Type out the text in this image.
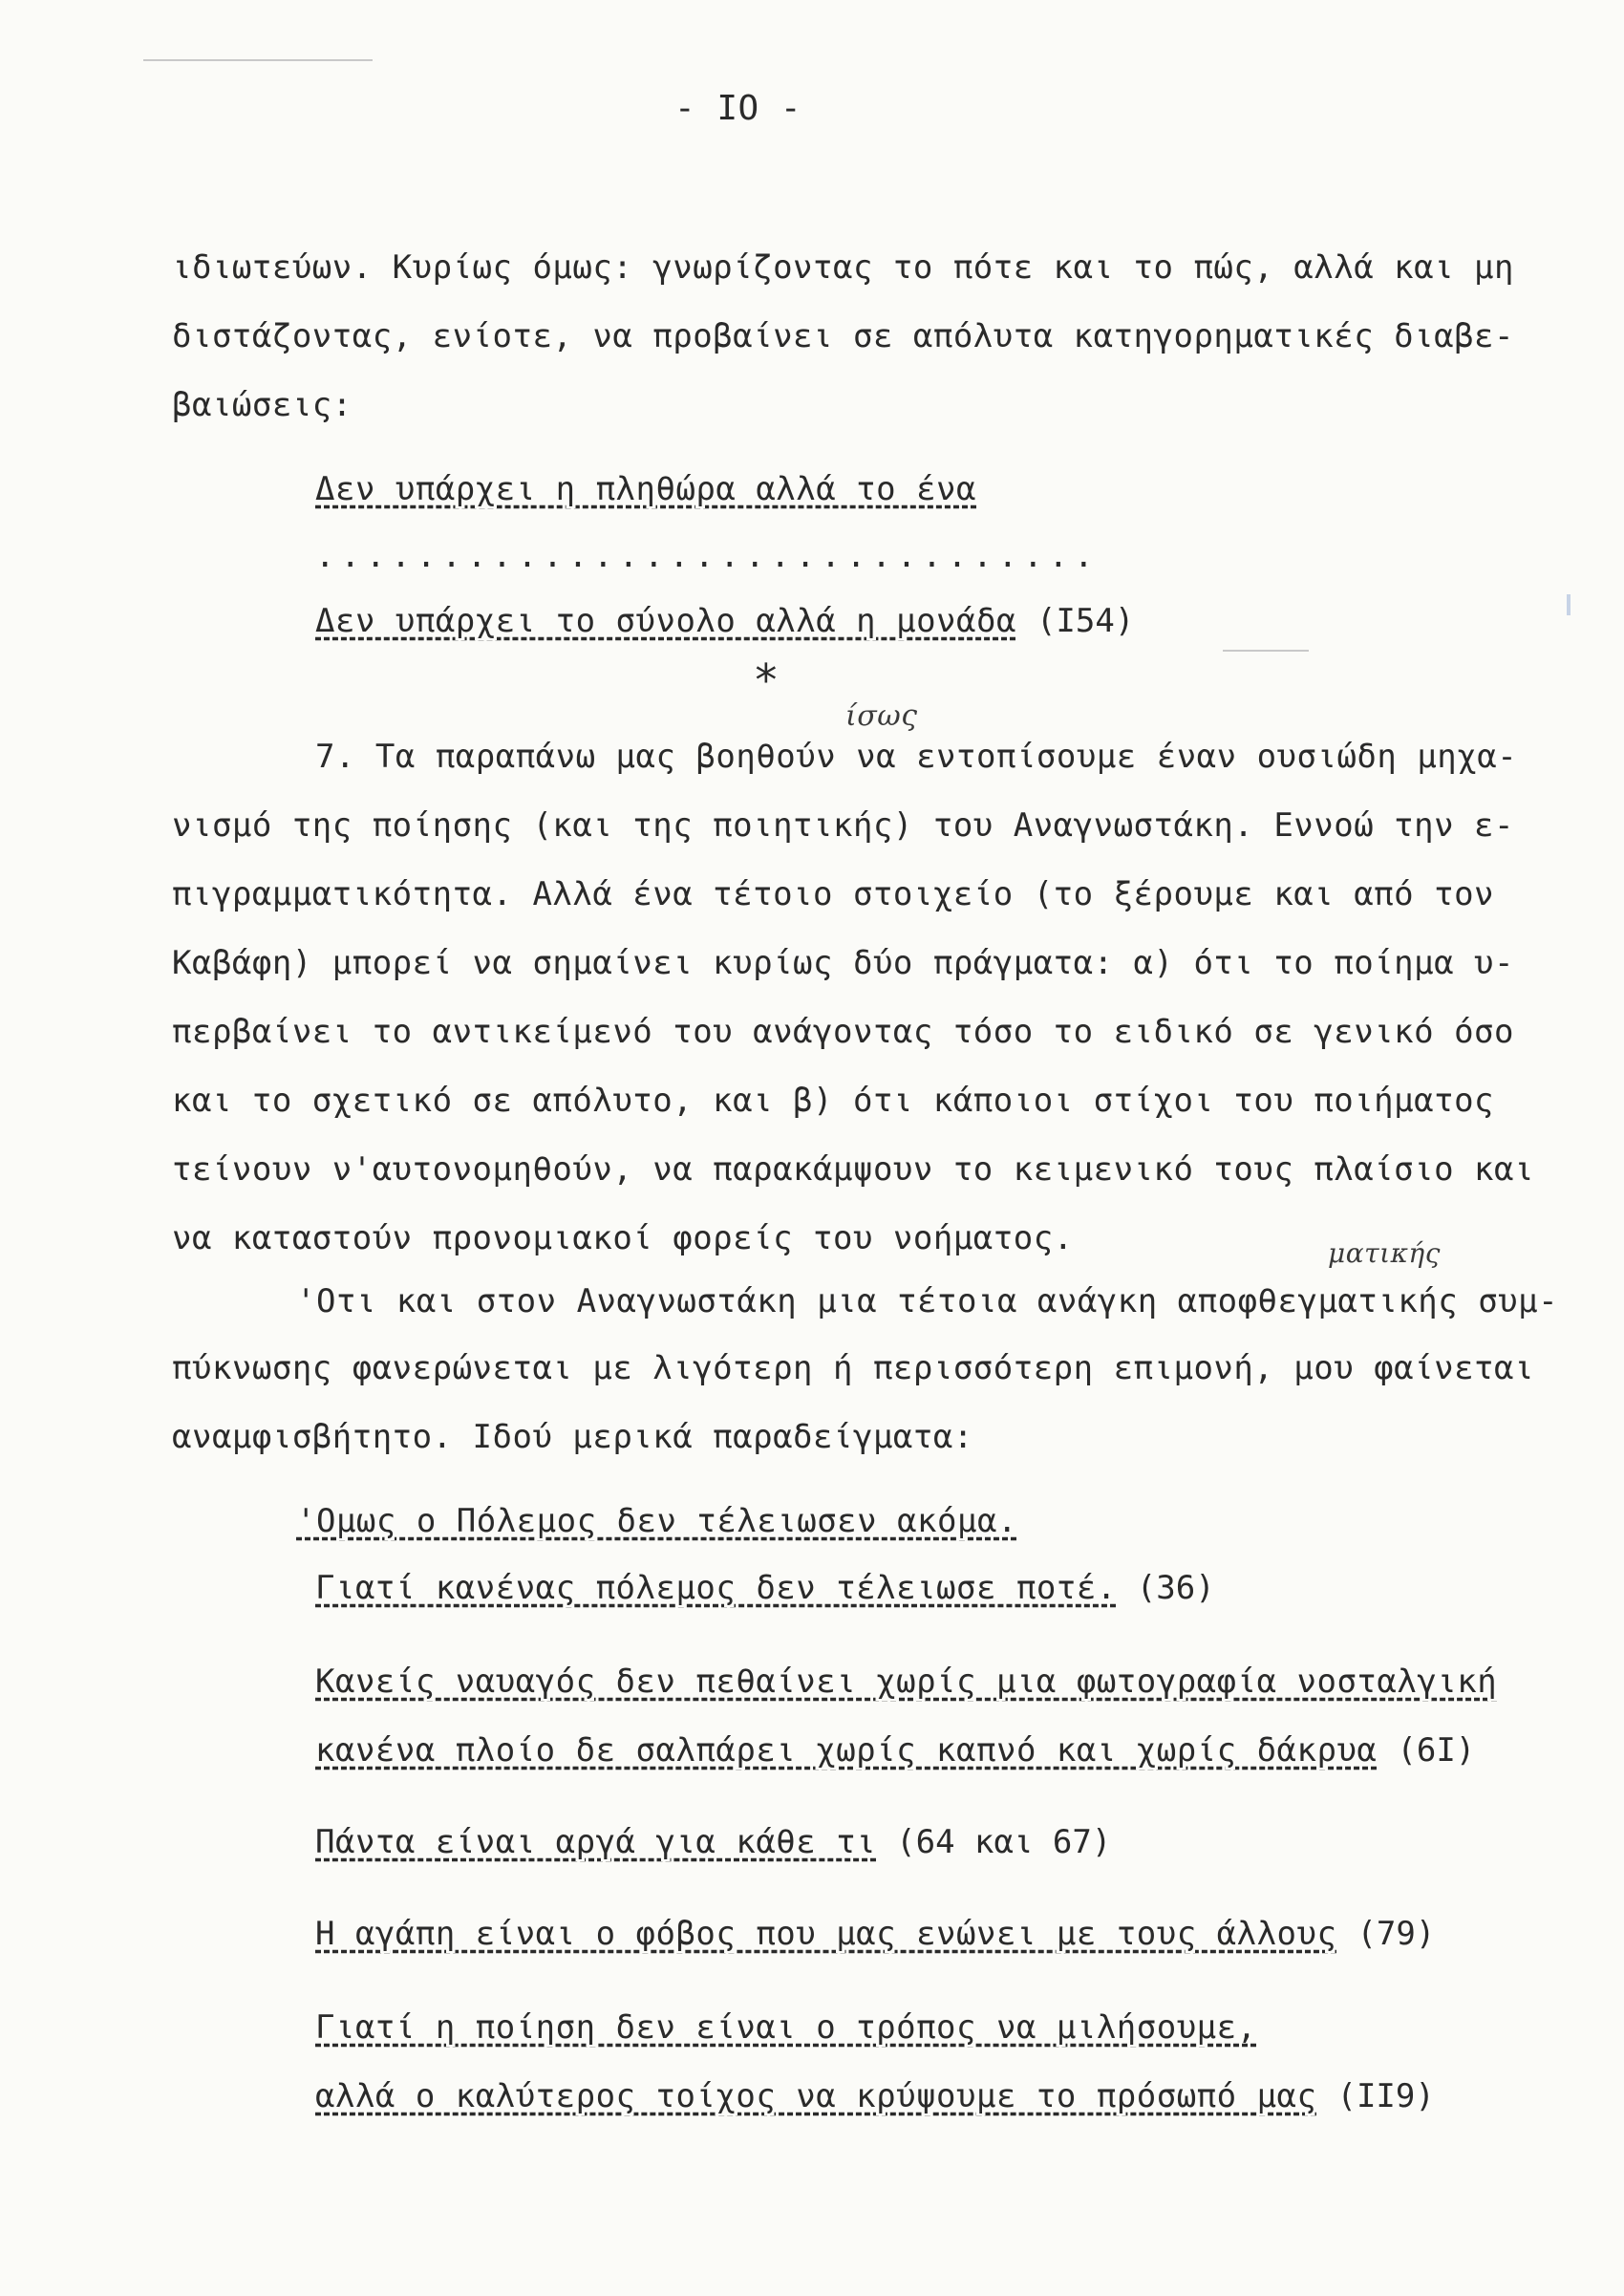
- IO -
ιδιωτεύων. Κυρίως όμως: γνωρίζοντας το πότε και το πώς, αλλά και μη
διστάζοντας, ενίοτε, να προβαίνει σε απόλυτα κατηγορηματικές διαβε-
βαιώσεις:
Δεν υπάρχει η πληθώρα αλλά το ένα
...............................
Δεν υπάρχει το σύνολο αλλά η μονάδα (I54)
*
ίσως
7. Τα παραπάνω μας βοηθούν να εντοπίσουμε έναν ουσιώδη μηχα-
νισμό της ποίησης (και της ποιητικής) του Αναγνωστάκη. Εννοώ την ε-
πιγραμματικότητα. Αλλά ένα τέτοιο στοιχείο (το ξέρουμε και από τον
Καβάφη) μπορεί να σημαίνει κυρίως δύο πράγματα: α) ότι το ποίημα υ-
περβαίνει το αντικείμενό του ανάγοντας τόσο το ειδικό σε γενικό όσο
και το σχετικό σε απόλυτο, και β) ότι κάποιοι στίχοι του ποιήματος
τείνουν ν'αυτονομηθούν, να παρακάμψουν το κειμενικό τους πλαίσιο και
να καταστούν προνομιακοί φορείς του νοήματος.	ματικής
'Οτι και στον Αναγνωστάκη μια τέτοια ανάγκη αποφθεγματικής συμ-
πύκνωσης φανερώνεται με λιγότερη ή περισσότερη επιμονή, μου φαίνεται
αναμφισβήτητο. Ιδού μερικά παραδείγματα:
'Ομως ο Πόλεμος δεν τέλειωσεν ακόμα.
Γιατί κανένας πόλεμος δεν τέλειωσε ποτέ. (36)
Κανείς ναυαγός δεν πεθαίνει χωρίς μια φωτογραφία νοσταλγική
κανένα πλοίο δε σαλπάρει χωρίς καπνό και χωρίς δάκρυα (6I)
Πάντα είναι αργά για κάθε τι (64 και 67)
Η αγάπη είναι ο φόβος που μας ενώνει με τους άλλους (79)
Γιατί η ποίηση δεν είναι ο τρόπος να μιλήσουμε,
αλλά ο καλύτερος τοίχος να κρύψουμε το πρόσωπό μας (II9)
